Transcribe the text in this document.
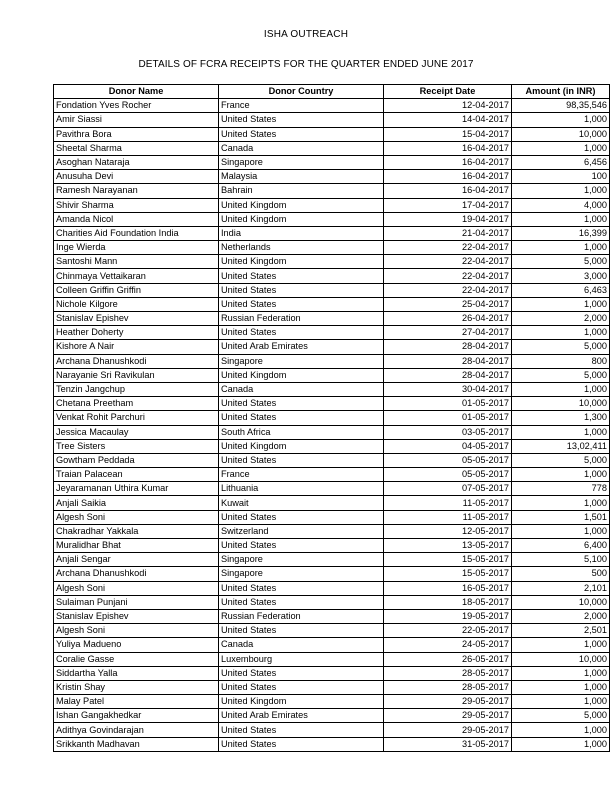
ISHA OUTREACH
DETAILS OF FCRA RECEIPTS FOR THE QUARTER ENDED JUNE 2017
Donor Name	Donor Country	Receipt Date	Amount (in INR)
Fondation Yves Rocher	France	12-04-2017	98,35,546
Amir Siassi	United States	14-04-2017	1,000
Pavithra Bora	United States	15-04-2017	10,000
Sheetal Sharma	Canada	16-04-2017	1,000
Asoghan Nataraja	Singapore	16-04-2017	6,456
Anusuha Devi	Malaysia	16-04-2017	100
Ramesh Narayanan	Bahrain	16-04-2017	1,000
Shivir Sharma	United Kingdom	17-04-2017	4,000
Amanda Nicol	United Kingdom	19-04-2017	1,000
Charities Aid Foundation India	India	21-04-2017	16,399
Inge Wierda	Netherlands	22-04-2017	1,000
Santoshi Mann	United Kingdom	22-04-2017	5,000
Chinmaya Vettaikaran	United States	22-04-2017	3,000
Colleen Griffin Griffin	United States	22-04-2017	6,463
Nichole Kilgore	United States	25-04-2017	1,000
Stanislav Epishev	Russian Federation	26-04-2017	2,000
Heather Doherty	United States	27-04-2017	1,000
Kishore A Nair	United Arab Emirates	28-04-2017	5,000
Archana Dhanushkodi	Singapore	28-04-2017	800
Narayanie Sri Ravikulan	United Kingdom	28-04-2017	5,000
Tenzin Jangchup	Canada	30-04-2017	1,000
Chetana Preetham	United States	01-05-2017	10,000
Venkat Rohit Parchuri	United States	01-05-2017	1,300
Jessica Macaulay	South Africa	03-05-2017	1,000
Tree Sisters	United Kingdom	04-05-2017	13,02,411
Gowtham Peddada	United States	05-05-2017	5,000
Traian Palacean	France	05-05-2017	1,000
Jeyaramanan Uthira Kumar	Lithuania	07-05-2017	778
Anjali Saikia	Kuwait	11-05-2017	1,000
Algesh Soni	United States	11-05-2017	1,501
Chakradhar Yakkala	Switzerland	12-05-2017	1,000
Muralidhar Bhat	United States	13-05-2017	6,400
Anjali Sengar	Singapore	15-05-2017	5,100
Archana Dhanushkodi	Singapore	15-05-2017	500
Algesh Soni	United States	16-05-2017	2,101
Sulaiman Punjani	United States	18-05-2017	10,000
Stanislav Epishev	Russian Federation	19-05-2017	2,000
Algesh Soni	United States	22-05-2017	2,501
Yuliya Madueno	Canada	24-05-2017	1,000
Coralie Gasse	Luxembourg	26-05-2017	10,000
Siddartha Yalla	United States	28-05-2017	1,000
Kristin Shay	United States	28-05-2017	1,000
Malay Patel	United Kingdom	29-05-2017	1,000
Ishan Gangakhedkar	United Arab Emirates	29-05-2017	5,000
Adithya Govindarajan	United States	29-05-2017	1,000
Srikkanth Madhavan	United States	31-05-2017	1,000
